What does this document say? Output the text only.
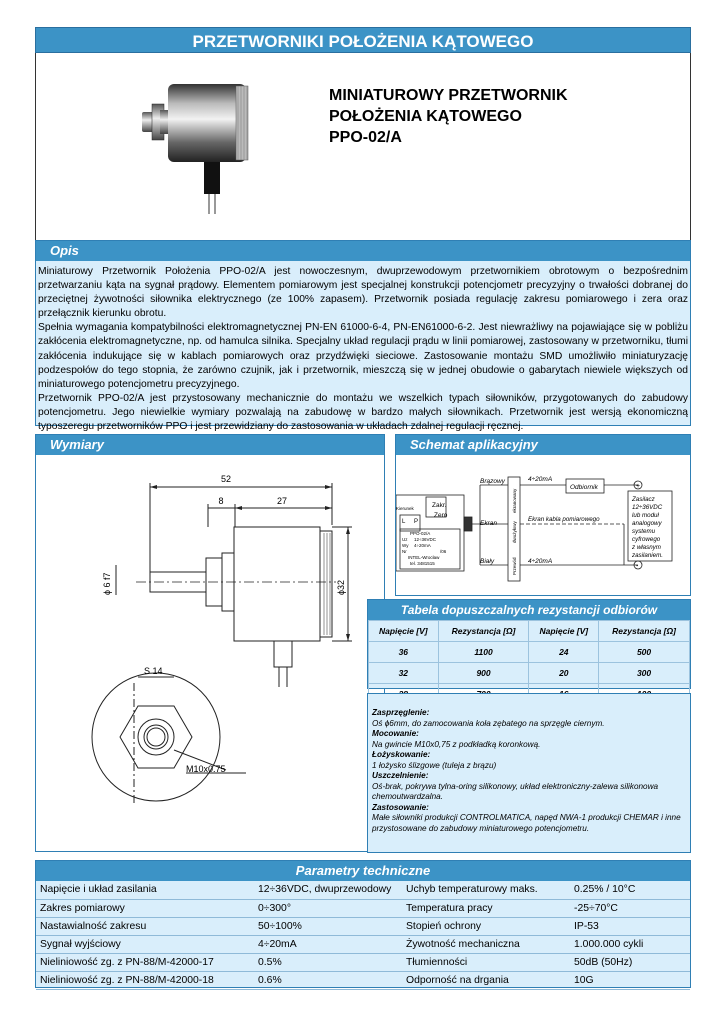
PRZETWORNIKI POŁOŻENIA KĄTOWEGO
MINIATUROWY PRZETWORNIK
POŁOŻENIA KĄTOWEGO
PPO-02/A
Opis

Miniaturowy Przetwornik Położenia PPO-02/A jest nowoczesnym, dwuprzewodowym przetwornikiem obrotowym o bezpośrednim przetwarzaniu kąta na sygnał prądowy. Elementem pomiarowym jest specjalnej konstrukcji potencjometr precyzyjny o trwałości dobranej do przeciętnej żywotności siłownika elektrycznego (ze 100% zapasem). Przetwornik posiada regulację zakresu pomiarowego i zera oraz przełącznik kierunku obrotu.

Spełnia wymagania kompatybilności elektromagnetycznej PN-EN 61000-6-4, PN-EN61000-6-2. Jest niewrażliwy na pojawiające się w pobliżu zakłócenia elektromagnetyczne, np. od hamulca silnika. Specjalny układ regulacji prądu w linii pomiarowej, zastosowany w przetworniku, tłumi zakłócenia indukujące się w kablach pomiarowych oraz przydźwięki sieciowe. Zastosowanie montażu SMD umożliwiło miniaturyzację podzespołów do tego stopnia, że zarówno czujnik, jak i przetwornik, mieszczą się w jednej obudowie o gabarytach niewiele większych od miniaturowego potencjometru precyzyjnego.

Przetwornik PPO-02/A jest przystosowany mechanicznie do montażu we wszelkich typach siłowników, przygotowanych do zabudowy potencjometru. Jego niewielkie wymiary pozwalają na zabudowę w bardzo małych siłownikach. Przetwornik jest wersją ekonomiczną typoszeregu przetworników PPO i jest przewidziany do zastosowania w układach zdalnej regulacji ręcznej.

Wymiary
52
8	27
ϕ 6 f7	ϕ32
S 14
M10x0.75
Schemat aplikacyjny
Brązowy
Ekran
Biały
4÷20mA
4÷20mA
Odbiornik
Ekran kabla pomiarowego
Zakr.
Zero
Kierunek
L P
PPO-02/A
Uz 12÷36VDC
Wy 4÷20mA
Nr	/06
INTEL-Wrocław
tel. 3481515	Przewód
dwużyłowy
ekranowany	Zasilacz
12÷36VDC
lub moduł
analogowy
systemu
cyfrowego
z własnym
zasilaniem.
+
-
Tabela dopuszczalnych rezystancji odbiorów
Napięcie [V]	Rezystancja [Ω]	Napięcie [V]	Rezystancja [Ω]
36	1100	24	500
32	900	20	300

Zasprzęglenie:
Oś ϕ6mm, do zamocowania koła zębatego na sprzęgle ciernym.
Mocowanie:
Na gwincie M10x0,75 z podkładką koronkową.
Łożyskowanie:
1 łożysko ślizgowe (tuleja z brązu)
Uszczelnienie:
Oś-brak, pokrywa tylna-oring silikonowy, układ elektroniczny-zalewa silikonowa chemoutwardzalna.
Zastosowanie:
Małe siłowniki produkcji CONTROLMATICA, napęd NWA-1 produkcji CHEMAR i inne przystosowane do zabudowy miniaturowego potencjometru.
Parametry techniczne
Napięcie i układ zasilania	12÷36VDC, dwuprzewodowy	Uchyb temperaturowy maks.	0.25% / 10°C
Zakres pomiarowy	0÷300°	Temperatura pracy	-25÷70°C
Nastawialność zakresu	50÷100%	Stopień ochrony	IP-53
Sygnał wyjściowy	4÷20mA	Żywotność mechaniczna	1.000.000 cykli
Nieliniowość zg. z PN-88/M-42000-17	0.5%	Tłumienności	50dB (50Hz)
Nieliniowość zg. z PN-88/M-42000-18	0.6%	Odporność na drgania	10G
